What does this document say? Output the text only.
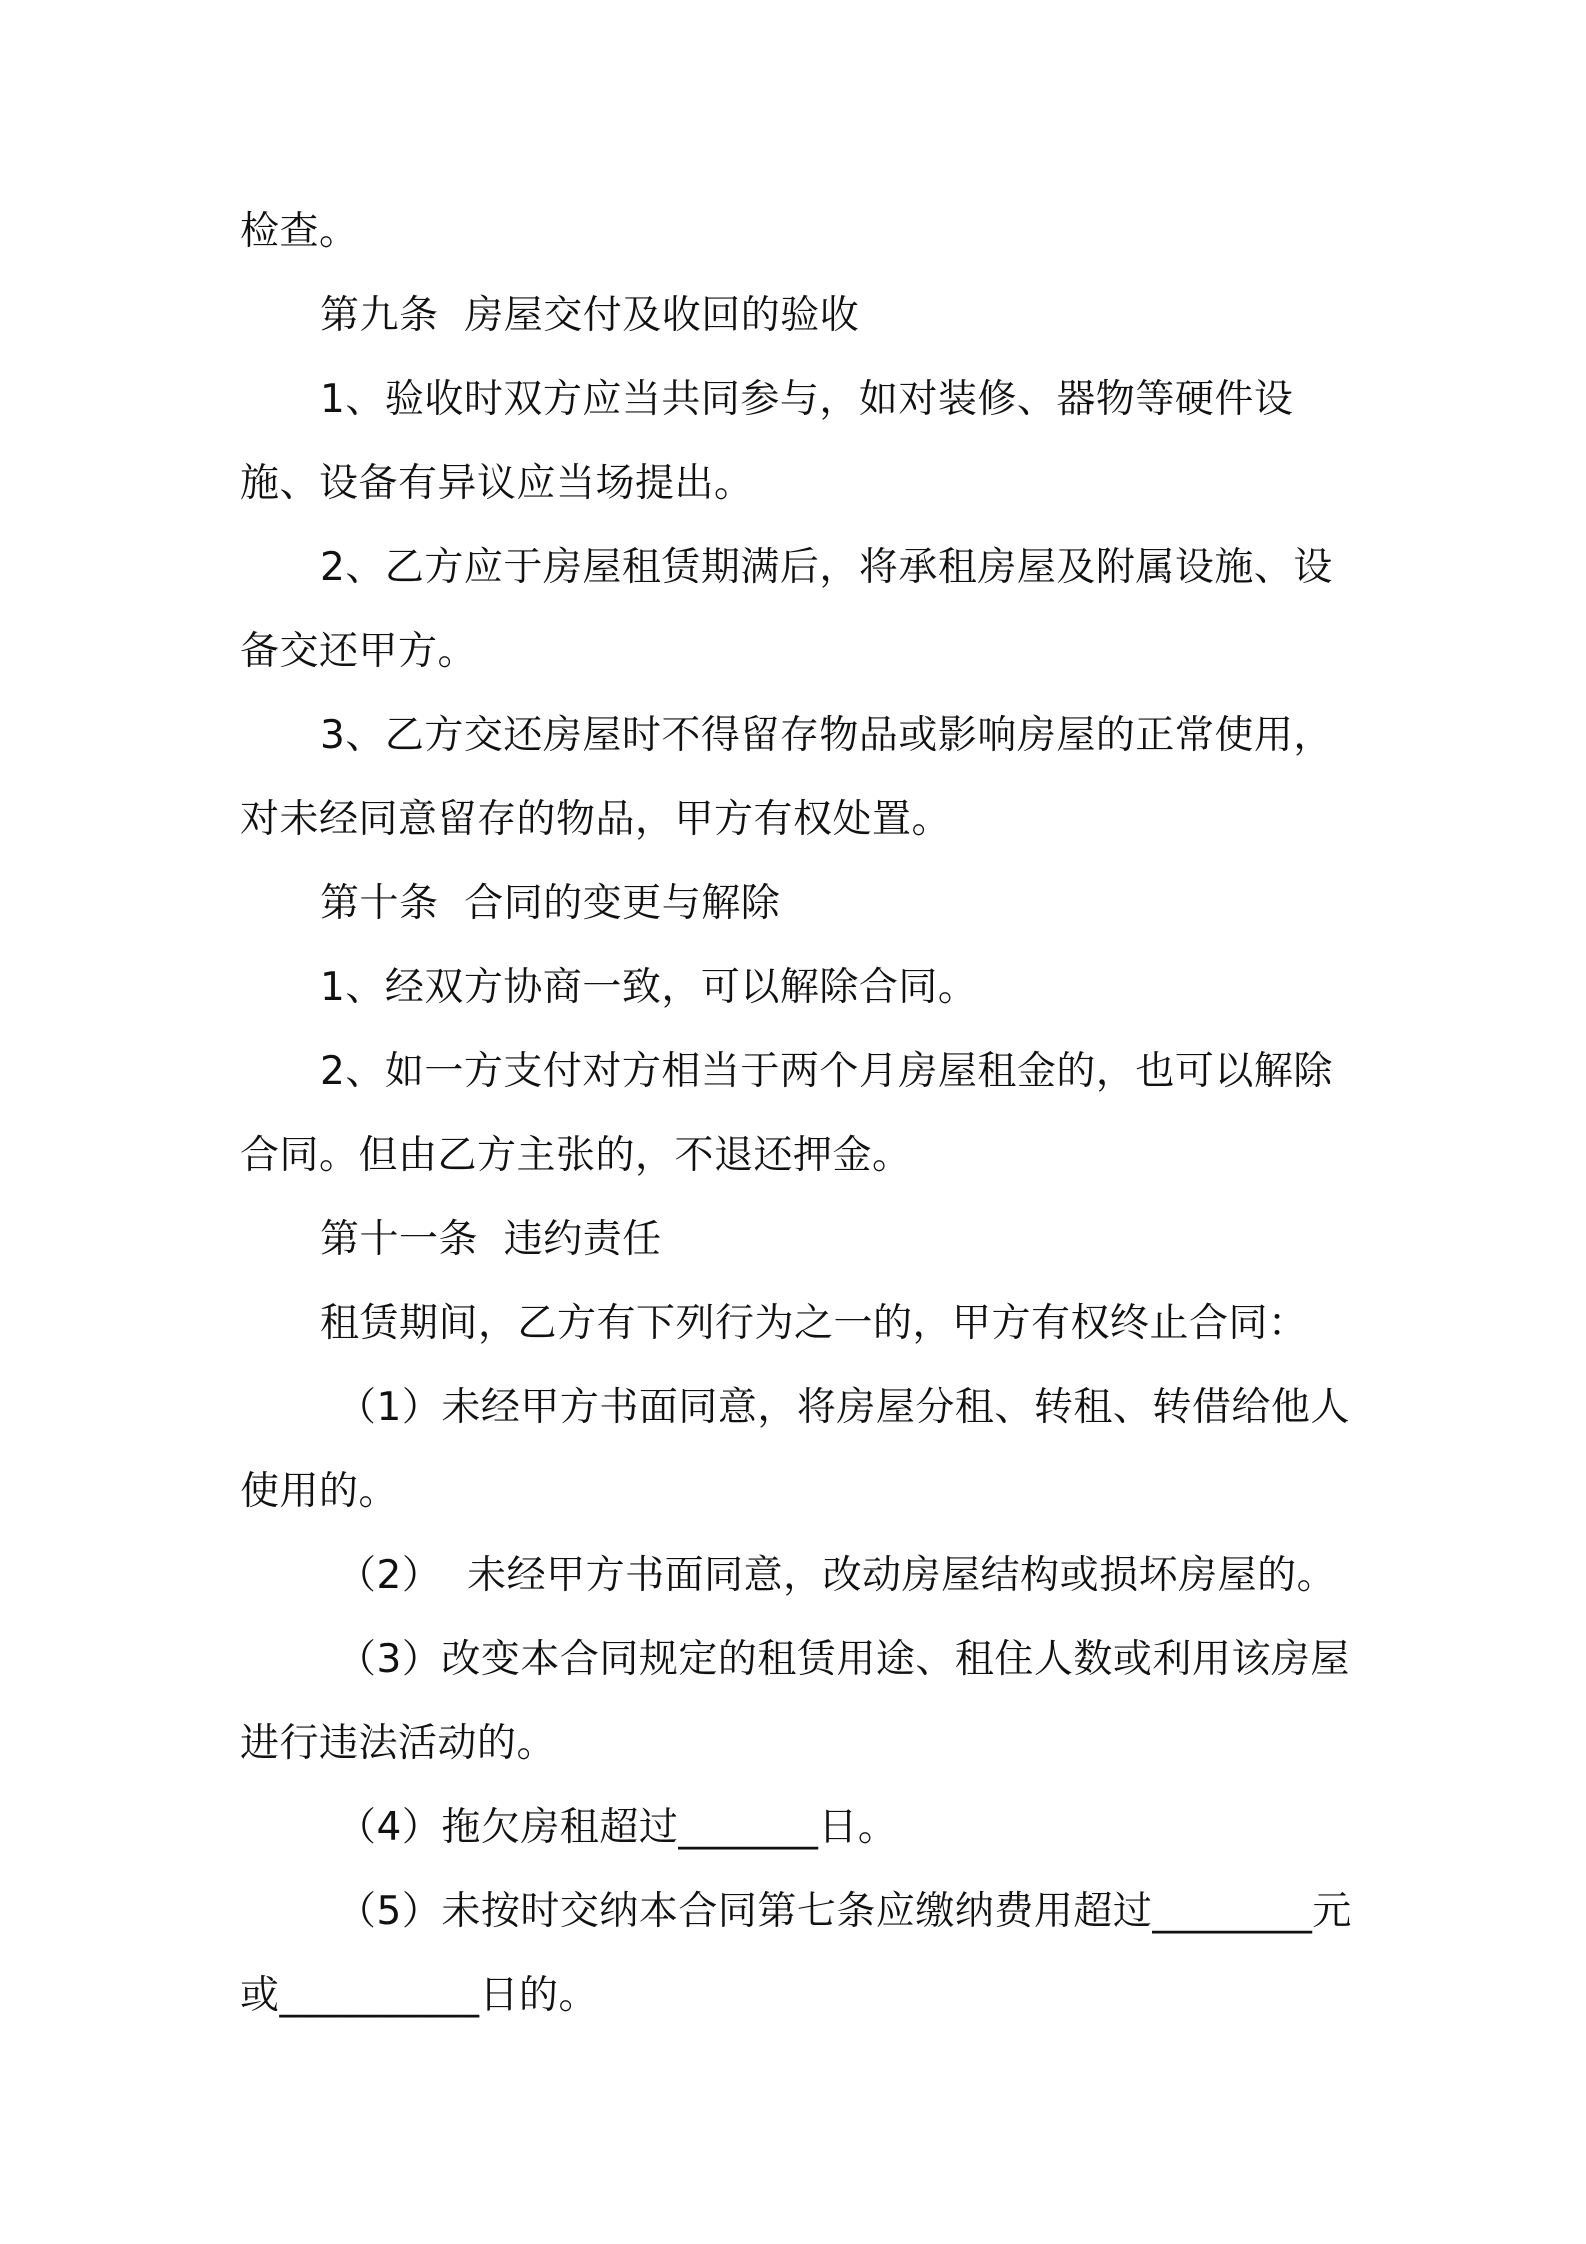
检查。

第九条  房屋交付及收回的验收

1、验收时双方应当共同参与，如对装修、器物等硬件设施、设备有异议应当场提出。

2、乙方应于房屋租赁期满后，将承租房屋及附属设施、设备交还甲方。

3、乙方交还房屋时不得留存物品或影响房屋的正常使用，对未经同意留存的物品，甲方有权处置。

第十条  合同的变更与解除

1、经双方协商一致，可以解除合同。

2、如一方支付对方相当于两个月房屋租金的，也可以解除合同。但由乙方主张的，不退还押金。

第十一条  违约责任

租赁期间，乙方有下列行为之一的，甲方有权终止合同：

（1）未经甲方书面同意，将房屋分租、转租、转借给他人使用的。

（2）  未经甲方书面同意，改动房屋结构或损坏房屋的。

（3）改变本合同规定的租赁用途、租住人数或利用该房屋进行违法活动的。

（4）拖欠房租超过_______日。

（5）未按时交纳本合同第七条应缴纳费用超过________元或__________日的。
